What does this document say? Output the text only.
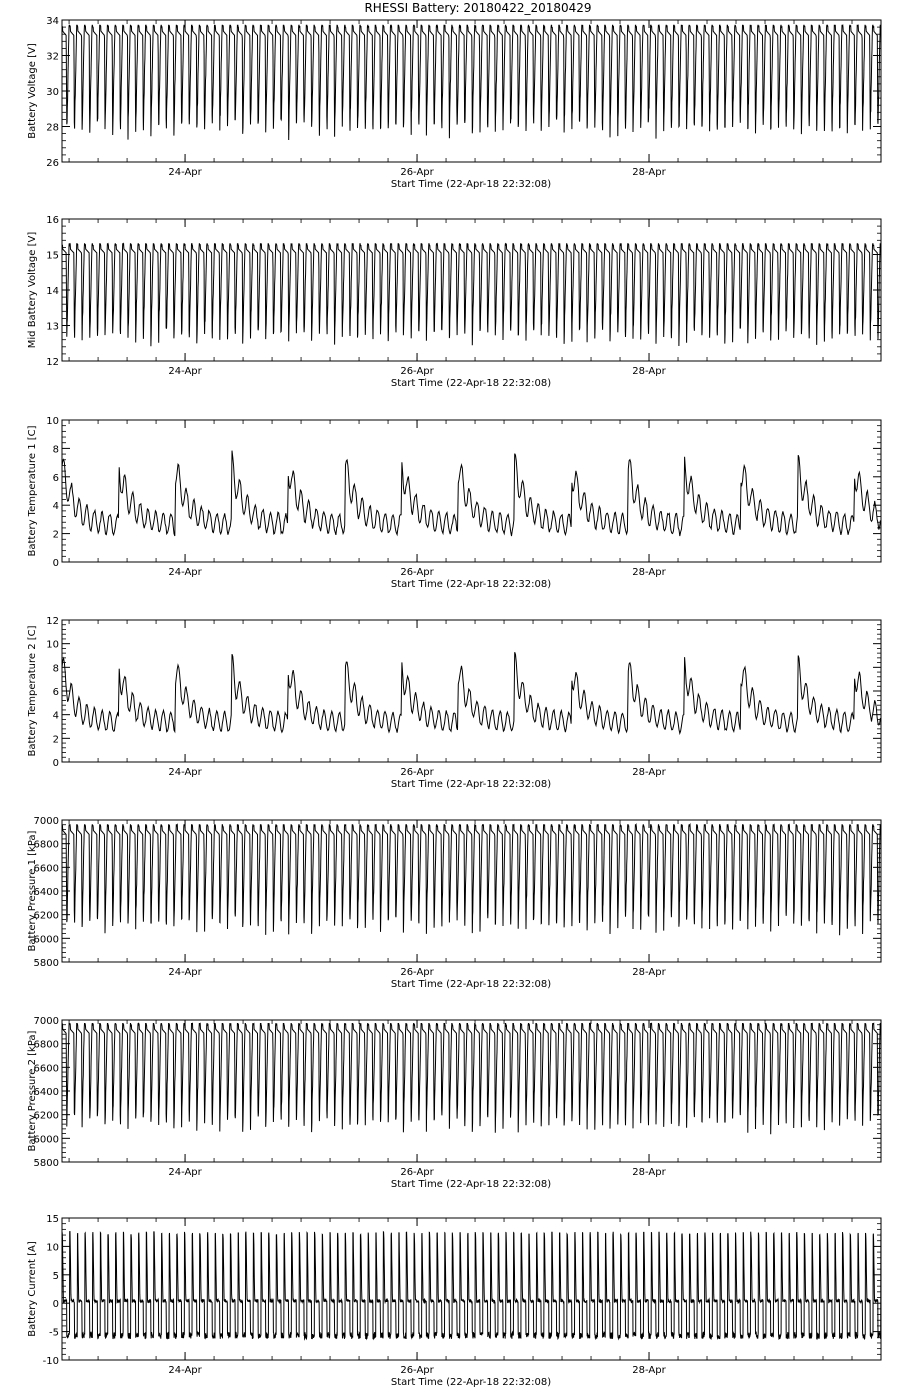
RHESSI Battery: 20180422_20180429
26
28
30
32
34
24-Apr	26-Apr	28-Apr
Start Time (22-Apr-18 22:32:08)
Battery Voltage [V]
12
13
14
15
16
24-Apr	26-Apr	28-Apr
Start Time (22-Apr-18 22:32:08)
Mid Battery Voltage [V]
0
2
4
6
8
10
24-Apr	26-Apr	28-Apr
Start Time (22-Apr-18 22:32:08)
Battery Temperature 1 [C]
0
2
4
6
8
10
12
24-Apr	26-Apr	28-Apr
Start Time (22-Apr-18 22:32:08)
Battery Temperature 2 [C]
5800
6000
6200
6400
6600
6800
7000
24-Apr	26-Apr	28-Apr
Start Time (22-Apr-18 22:32:08)
Battery Pressure 1 [kPa]
5800
6000
6200
6400
6600
6800
7000
24-Apr	26-Apr	28-Apr
Start Time (22-Apr-18 22:32:08)
Battery Pressure 2 [kPa]
-10
-5
0
5
10
15
24-Apr	26-Apr	28-Apr
Start Time (22-Apr-18 22:32:08)
Battery Current [A]
